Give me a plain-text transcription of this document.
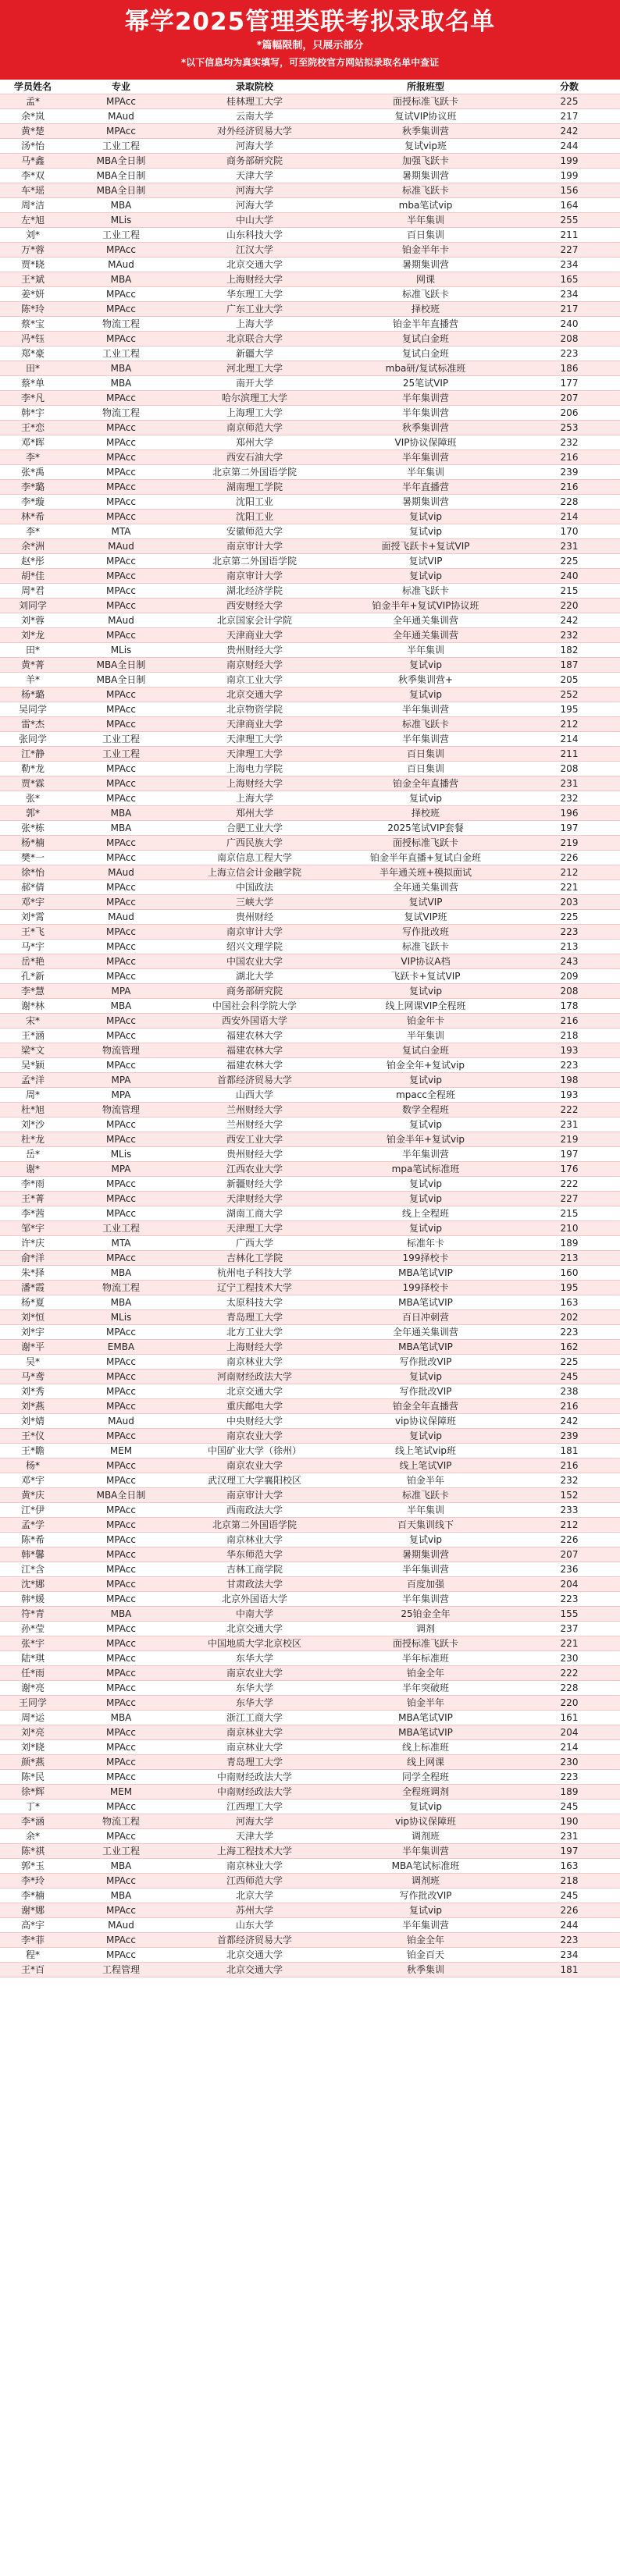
幂学2025管理类联考拟录取名单
*篇幅限制，只展示部分
*以下信息均为真实填写，可至院校官方网站拟录取名单中查证
学员姓名	专业	录取院校	所报班型	分数
孟*	MPAcc	桂林理工大学	面授标准飞跃卡	225
余*岚	MAud	云南大学	复试VIP协议班	217
黄*楚	MPAcc	对外经济贸易大学	秋季集训营	242
汤*怡	工业工程	河海大学	复试vip班	244
马*鑫	MBA全日制	商务部研究院	加强飞跃卡	199
李*双	MBA全日制	天津大学	暑期集训营	199
车*瑶	MBA全日制	河海大学	标准飞跃卡	156
周*洁	MBA	河海大学	mba笔试vip	164
左*旭	MLis	中山大学	半年集训	255
刘*	工业工程	山东科技大学	百日集训	211
万*蓉	MPAcc	江汉大学	铂金半年卡	227
贾*晓	MAud	北京交通大学	暑期集训营	234
王*斌	MBA	上海财经大学	网课	165
姜*妍	MPAcc	华东理工大学	标准飞跃卡	234
陈*玲	MPAcc	广东工业大学	择校班	217
蔡*宝	物流工程	上海大学	铂金半年直播营	240
冯*钰	MPAcc	北京联合大学	复试白金班	208
郑*豪	工业工程	新疆大学	复试白金班	223
田*	MBA	河北理工大学	mba研/复试标准班	186
蔡*单	MBA	南开大学	25笔试VIP	177
李*凡	MPAcc	哈尔滨理工大学	半年集训营	207
韩*宇	物流工程	上海理工大学	半年集训营	206
王*恋	MPAcc	南京师范大学	秋季集训营	253
邓*晖	MPAcc	郑州大学	VIP协议保障班	232
李*	MPAcc	西安石油大学	半年集训营	216
张*禹	MPAcc	北京第二外国语学院	半年集训	239
李*璐	MPAcc	湖南理工学院	半年直播营	216
李*璇	MPAcc	沈阳工业	暑期集训营	228
林*希	MPAcc	沈阳工业	复试vip	214
李*	MTA	安徽师范大学	复试vip	170
余*洲	MAud	南京审计大学	面授飞跃卡+复试VIP	231
赵*彤	MPAcc	北京第二外国语学院	复试VIP	225
胡*佳	MPAcc	南京审计大学	复试vip	240
周*君	MPAcc	湖北经济学院	标准飞跃卡	215
刘同学	MPAcc	西安财经大学	铂金半年+复试VIP协议班	220
刘*蓉	MAud	北京国家会计学院	全年通关集训营	242
刘*龙	MPAcc	天津商业大学	全年通关集训营	232
田*	MLis	贵州财经大学	半年集训	182
黄*菁	MBA全日制	南京财经大学	复试vip	187
羊*	MBA全日制	南京工业大学	秋季集训营+	205
杨*璐	MPAcc	北京交通大学	复试vip	252
吴同学	MPAcc	北京物资学院	半年集训营	195
雷*杰	MPAcc	天津商业大学	标准飞跃卡	212
张同学	工业工程	天津理工大学	半年集训营	214
江*静	工业工程	天津理工大学	百日集训	211
勒*龙	MPAcc	上海电力学院	百日集训	208
贾*霖	MPAcc	上海财经大学	铂金全年直播营	231
张*	MPAcc	上海大学	复试vip	232
郭*	MBA	郑州大学	择校班	196
张*栋	MBA	合肥工业大学	2025笔试VIP套餐	197
杨*楠	MPAcc	广西民族大学	面授标准飞跃卡	219
樊*一	MPAcc	南京信息工程大学	铂金半年直播+复试白金班	226
徐*怡	MAud	上海立信会计金融学院	半年通关班+模拟面试	212
郝*倩	MPAcc	中国政法	全年通关集训营	221
邓*宇	MPAcc	三峡大学	复试VIP	203
刘*霄	MAud	贵州财经	复试VIP班	225
王*飞	MPAcc	南京审计大学	写作批改班	223
马*宇	MPAcc	绍兴文理学院	标准飞跃卡	213
岳*艳	MPAcc	中国农业大学	VIP协议A档	243
孔*新	MPAcc	湖北大学	飞跃卡+复试VIP	209
李*慧	MPA	商务部研究院	复试vip	208
谢*林	MBA	中国社会科学院大学	线上网课VIP全程班	178
宋*	MPAcc	西安外国语大学	铂金年卡	216
王*涵	MPAcc	福建农林大学	半年集训	218
梁*文	物流管理	福建农林大学	复试白金班	193
吴*颖	MPAcc	福建农林大学	铂金全年+复试vip	223
孟*洋	MPA	首都经济贸易大学	复试vip	198
周*	MPA	山西大学	mpacc全程班	193
杜*旭	物流管理	兰州财经大学	数学全程班	222
刘*沙	MPAcc	兰州财经大学	复试vip	231
杜*龙	MPAcc	西安工业大学	铂金半年+复试vip	219
岳*	MLis	贵州财经大学	半年集训营	197
谢*	MPA	江西农业大学	mpa笔试标准班	176
李*雨	MPAcc	新疆财经大学	复试vip	222
王*菁	MPAcc	天津财经大学	复试vip	227
李*茜	MPAcc	湖南工商大学	线上全程班	215
邹*宇	工业工程	天津理工大学	复试vip	210
许*庆	MTA	广西大学	标准年卡	189
俞*洋	MPAcc	吉林化工学院	199择校卡	213
朱*择	MBA	杭州电子科技大学	MBA笔试VIP	160
潘*霞	物流工程	辽宁工程技术大学	199择校卡	195
杨*夏	MBA	太原科技大学	MBA笔试VIP	163
刘*恒	MLis	青岛理工大学	百日冲刺营	202
刘*宇	MPAcc	北方工业大学	全年通关集训营	223
谢*平	EMBA	上海财经大学	MBA笔试VIP	162
吴*	MPAcc	南京林业大学	写作批改VIP	225
马*鸢	MPAcc	河南财经政法大学	复试vip	245
刘*秀	MPAcc	北京交通大学	写作批改VIP	238
刘*燕	MPAcc	重庆邮电大学	铂金全年直播营	216
刘*婧	MAud	中央财经大学	vip协议保障班	242
王*仪	MPAcc	南京农业大学	复试vip	239
王*瞻	MEM	中国矿业大学（徐州）	线上笔试vip班	181
杨*	MPAcc	南京农业大学	线上笔试VIP	216
邓*宇	MPAcc	武汉理工大学襄阳校区	铂金半年	232
黄*庆	MBA全日制	南京审计大学	标准飞跃卡	152
江*伊	MPAcc	西南政法大学	半年集训	233
孟*学	MPAcc	北京第二外国语学院	百天集训线下	212
陈*希	MPAcc	南京林业大学	复试vip	226
韩*馨	MPAcc	华东师范大学	暑期集训营	207
江*含	MPAcc	吉林工商学院	半年集训营	236
沈*娜	MPAcc	甘肃政法大学	百度加强	204
韩*媛	MPAcc	北京外国语大学	半年集训营	223
符*青	MBA	中南大学	25铂金全年	155
孙*莹	MPAcc	北京交通大学	调剂	237
张*宇	MPAcc	中国地质大学北京校区	面授标准飞跃卡	221
陆*琪	MPAcc	东华大学	半年标准班	230
任*雨	MPAcc	南京农业大学	铂金全年	222
谢*亮	MPAcc	东华大学	半年突破班	228
王同学	MPAcc	东华大学	铂金半年	220
周*运	MBA	浙江工商大学	MBA笔试VIP	161
刘*亮	MPAcc	南京林业大学	MBA笔试VIP	204
刘*晓	MPAcc	南京林业大学	线上标准班	214
颜*燕	MPAcc	青岛理工大学	线上网课	230
陈*民	MPAcc	中南财经政法大学	同学全程班	223
徐*辉	MEM	中南财经政法大学	全程班调剂	189
丁*	MPAcc	江西理工大学	复试vip	245
李*涵	物流工程	河海大学	vip协议保障班	190
余*	MPAcc	天津大学	调剂班	231
陈*祺	工业工程	上海工程技术大学	半年集训营	197
郭*玉	MBA	南京林业大学	MBA笔试标准班	163
李*玲	MPAcc	江西师范大学	调剂班	218
李*楠	MBA	北京大学	写作批改VIP	245
谢*娜	MPAcc	苏州大学	复试vip	226
高*宇	MAud	山东大学	半年集训营	244
李*菲	MPAcc	首都经济贸易大学	铂金全年	223
程*	MPAcc	北京交通大学	铂金百天	234
王*百	工程管理	北京交通大学	秋季集训	181
